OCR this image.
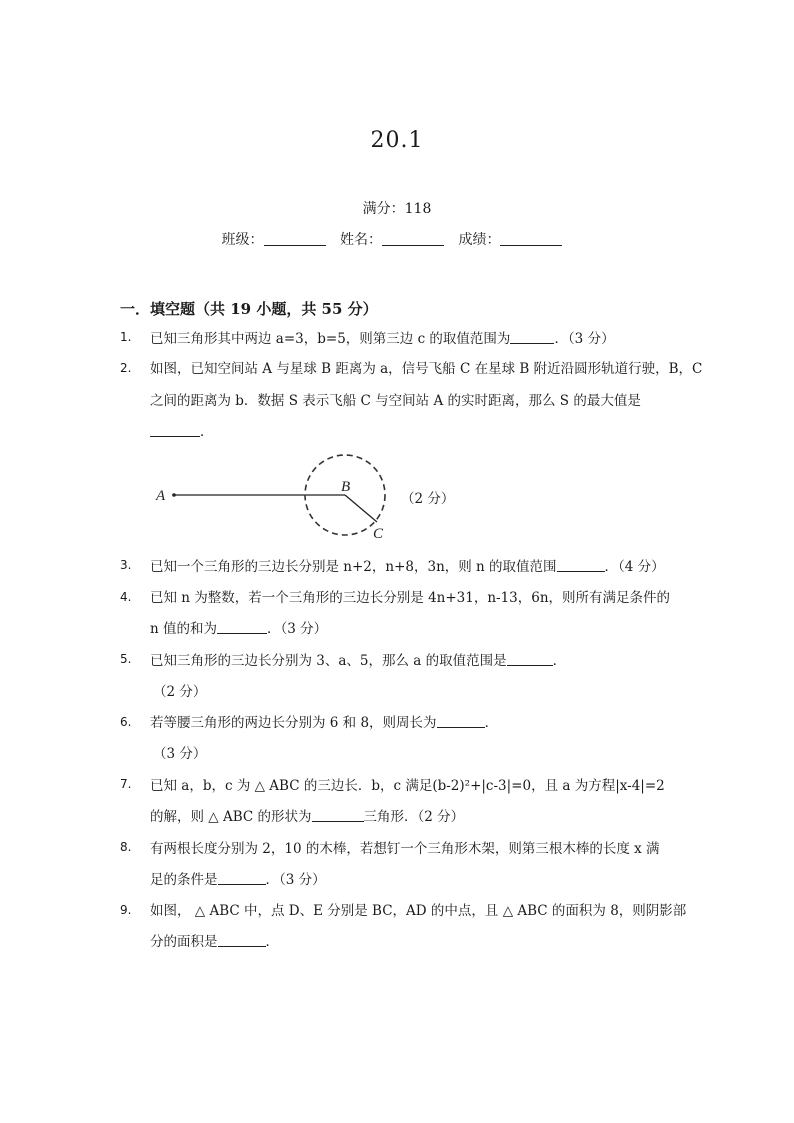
20.1
满分：118
班级：	姓名：	成绩：
一．填空题（共 19 小题，共 55 分）
1. 已知三角形其中两边 a=3，b=5，则第三边 c 的取值范围为	．（3 分）
2. 如图，已知空间站 A 与星球 B 距离为 a，信号飞船 C 在星球 B 附近沿圆形轨道行驶，B，C
之间的距离为 b．数据 S 表示飞船 C 与空间站 A 的实时距离，那么 S 的最大值是
．
A
B
C
（2 分）
3. 已知一个三角形的三边长分别是 n+2，n+8，3n，则 n 的取值范围	．（4 分）
4. 已知 n 为整数，若一个三角形的三边长分别是 4n+31，n-13，6n，则所有满足条件的
n 值的和为	．（3 分）
5. 已知三角形的三边长分别为 3、a、5，那么 a 的取值范围是	．
（2 分）
6. 若等腰三角形的两边长分别为 6 和 8，则周长为	．
（3 分）
7. 已知 a，b，c 为 △ ABC 的三边长．b，c 满足(b-2)²+|c-3|=0，且 a 为方程|x-4|=2
的解，则 △ ABC 的形状为	三角形．（2 分）
8. 有两根长度分别为 2，10 的木棒，若想钉一个三角形木架，则第三根木棒的长度 x 满
足的条件是	．（3 分）
9. 如图， △ ABC 中，点 D、E 分别是 BC，AD 的中点，且 △ ABC 的面积为 8，则阴影部
分的面积是	．
